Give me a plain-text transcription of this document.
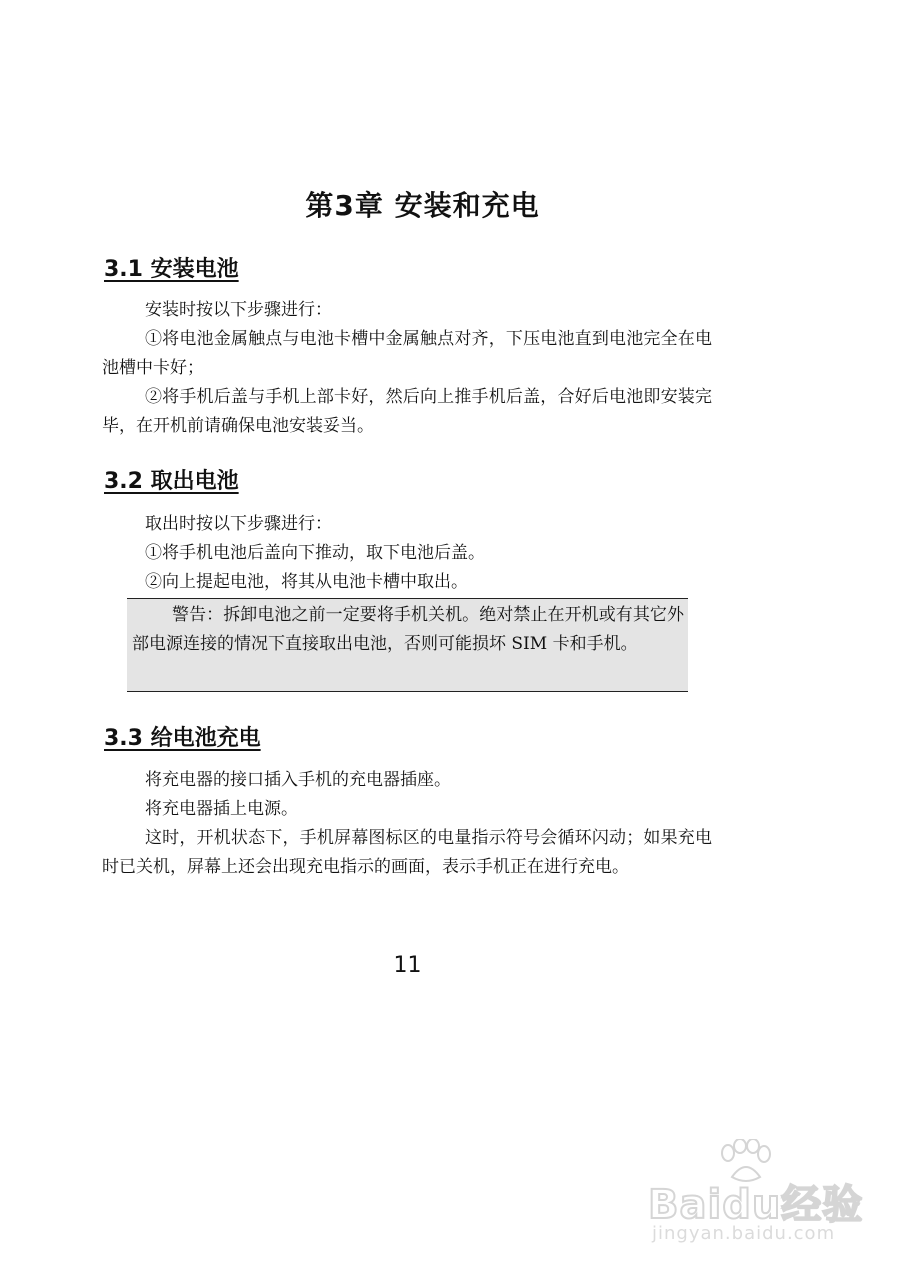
第3章 安装和充电
3.1 安装电池

安装时按以下步骤进行：

①将电池金属触点与电池卡槽中金属触点对齐，下压电池直到电池完全在电池槽中卡好；

②将手机后盖与手机上部卡好，然后向上推手机后盖，合好后电池即安装完毕，在开机前请确保电池安装妥当。

3.2 取出电池

取出时按以下步骤进行：

①将手机电池后盖向下推动，取下电池后盖。

②向上提起电池，将其从电池卡槽中取出。

警告：拆卸电池之前一定要将手机关机。绝对禁止在开机或有其它外部电源连接的情况下直接取出电池，否则可能损坏 SIM 卡和手机。

3.3 给电池充电

将充电器的接口插入手机的充电器插座。

将充电器插上电源。

这时，开机状态下，手机屏幕图标区的电量指示符号会循环闪动；如果充电时已关机，屏幕上还会出现充电指示的画面，表示手机正在进行充电。

11

Baidu经验
jingyan.baidu.com
